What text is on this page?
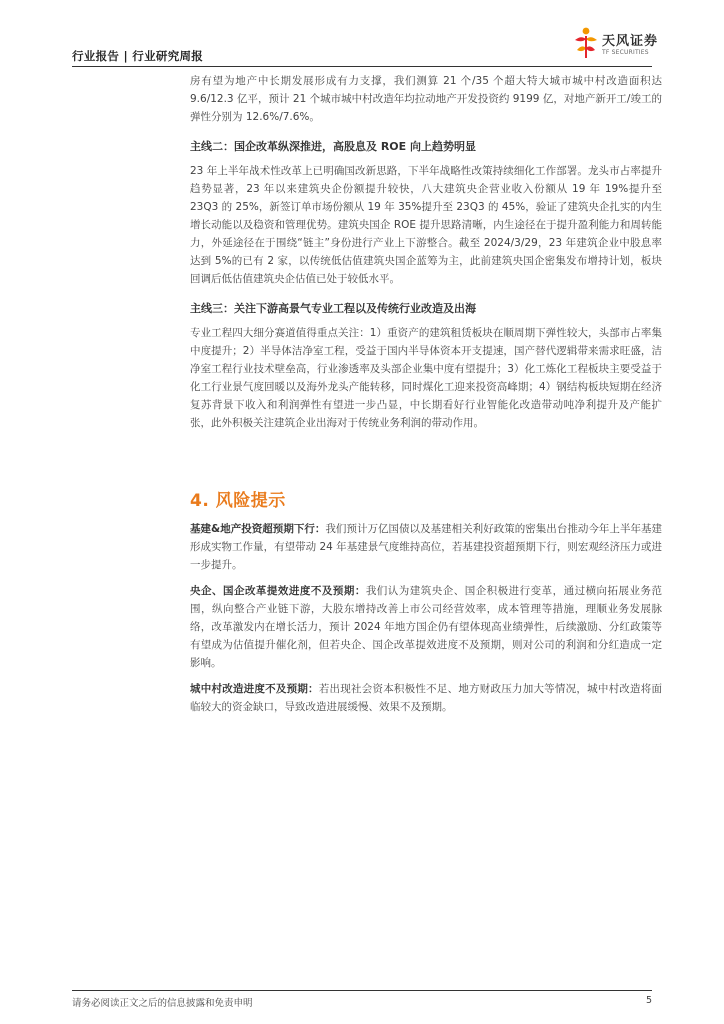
行业报告 | 行业研究周报
天风证券
TF SECURITIES

房有望为地产中长期发展形成有力支撑，我们测算 21 个/35 个超大特大城市城中村改造面积达 9.6/12.3 亿平，预计 21 个城市城中村改造年均拉动地产开发投资约 9199 亿，对地产新开工/竣工的弹性分别为 12.6%/7.6%。

主线二：国企改革纵深推进，高股息及 ROE 向上趋势明显

23 年上半年战术性改革上已明确国改新思路，下半年战略性改策持续细化工作部署。龙头市占率提升趋势显著，23 年以来建筑央企份额提升较快，八大建筑央企营业收入份额从 19 年 19%提升至 23Q3 的 25%，新签订单市场份额从 19 年 35%提升至 23Q3 的 45%，验证了建筑央企扎实的内生增长动能以及稳资和管理优势。建筑央国企 ROE 提升思路清晰，内生途径在于提升盈利能力和周转能力，外延途径在于围绕“链主”身份进行产业上下游整合。截至 2024/3/29，23 年建筑企业中股息率达到 5%的已有 2 家，以传统低估值建筑央国企蓝筹为主，此前建筑央国企密集发布增持计划，板块回调后低估值建筑央企估值已处于较低水平。

主线三：关注下游高景气专业工程以及传统行业改造及出海

专业工程四大细分赛道值得重点关注：1）重资产的建筑租赁板块在顺周期下弹性较大，头部市占率集中度提升；2）半导体洁净室工程，受益于国内半导体资本开支提速，国产替代逻辑带来需求旺盛，洁净室工程行业技术壁垒高，行业渗透率及头部企业集中度有望提升；3）化工炼化工程板块主要受益于化工行业景气度回暖以及海外龙头产能转移，同时煤化工迎来投资高峰期；4）钢结构板块短期在经济复苏背景下收入和利润弹性有望进一步凸显，中长期看好行业智能化改造带动吨净利提升及产能扩张，此外积极关注建筑企业出海对于传统业务利润的带动作用。

4. 风险提示

基建&地产投资超预期下行：我们预计万亿国债以及基建相关利好政策的密集出台推动今年上半年基建形成实物工作量，有望带动 24 年基建景气度维持高位，若基建投资超预期下行，则宏观经济压力或进一步提升。

央企、国企改革提效进度不及预期：我们认为建筑央企、国企积极进行变革，通过横向拓展业务范围，纵向整合产业链下游，大股东增持改善上市公司经营效率，成本管理等措施，理顺业务发展脉络，改革激发内在增长活力，预计 2024 年地方国企仍有望体现高业绩弹性，后续激励、分红政策等有望成为估值提升催化剂，但若央企、国企改革提效进度不及预期，则对公司的利润和分红造成一定影响。

城中村改造进度不及预期：若出现社会资本积极性不足、地方财政压力加大等情况，城中村改造将面临较大的资金缺口，导致改造进展缓慢、效果不及预期。

请务必阅读正文之后的信息披露和免责申明	5
